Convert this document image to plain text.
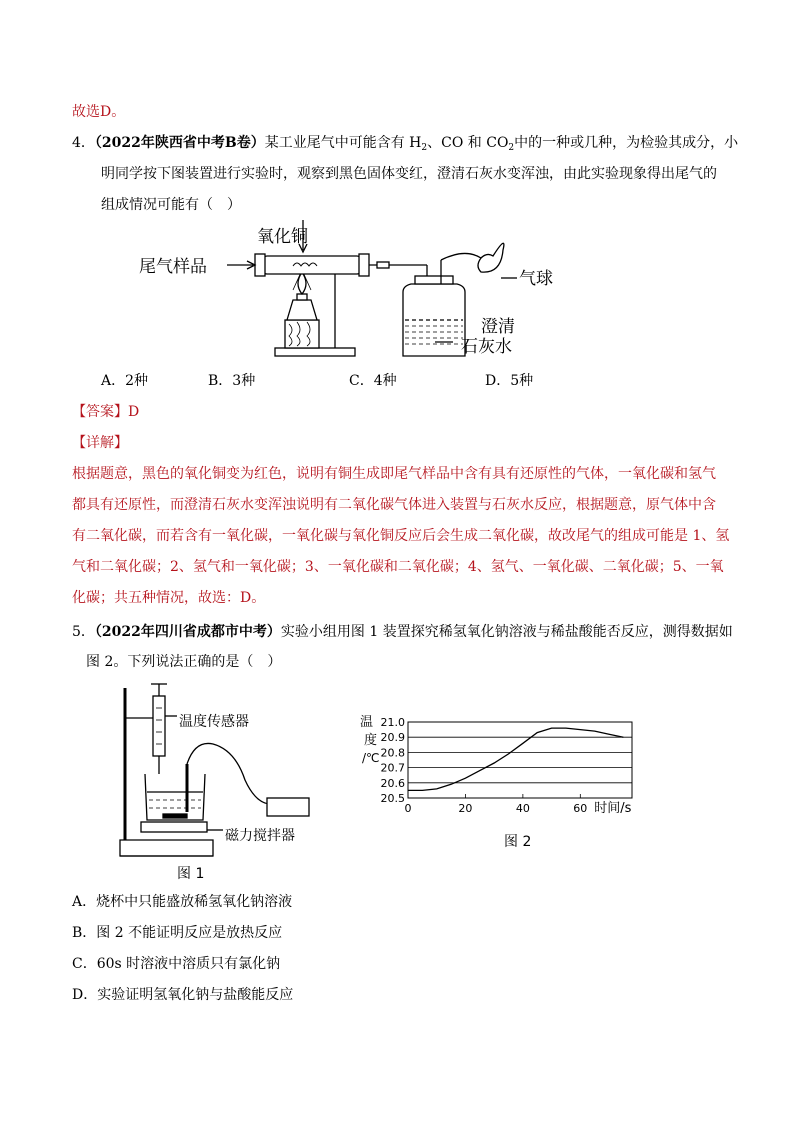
故选D。
4．（2022年陕西省中考B卷）某工业尾气中可能含有 $H_2$、CO 和 $CO_2$中的一种或几种，为检验其成分，小
明同学按下图装置进行实验时，观察到黑色固体变红，澄清石灰水变浑浊，由此实验现象得出尾气的
组成情况可能有（　）
氧化铜
尾气样品
气球
澄清
石灰水
A．2种	B．3种	C．4种	D．5种
【答案】D
【详解】
根据题意，黑色的氧化铜变为红色，说明有铜生成即尾气样品中含有具有还原性的气体，一氧化碳和氢气
都具有还原性，而澄清石灰水变浑浊说明有二氧化碳气体进入装置与石灰水反应，根据题意，原气体中含
有二氧化碳，而若含有一氧化碳，一氧化碳与氧化铜反应后会生成二氧化碳，故改尾气的组成可能是 1、氢
气和二氧化碳；2、氢气和一氧化碳；3、一氧化碳和二氧化碳；4、氢气、一氧化碳、二氧化碳；5、一氧
化碳；共五种情况，故选：D。
5．（2022年四川省成都市中考）实验小组用图 1 装置探究稀氢氧化钠溶液与稀盐酸能否反应，测得数据如
图 2。下列说法正确的是（　）
温度传感器
磁力搅拌器
图 1
温
度
/℃
20.5
20.6
20.7
20.8
20.9
21.0
0	20	40	60 时间/s
图 2
A．烧杯中只能盛放稀氢氧化钠溶液
B．图 2 不能证明反应是放热反应
C．60s 时溶液中溶质只有氯化钠
D．实验证明氢氧化钠与盐酸能反应
